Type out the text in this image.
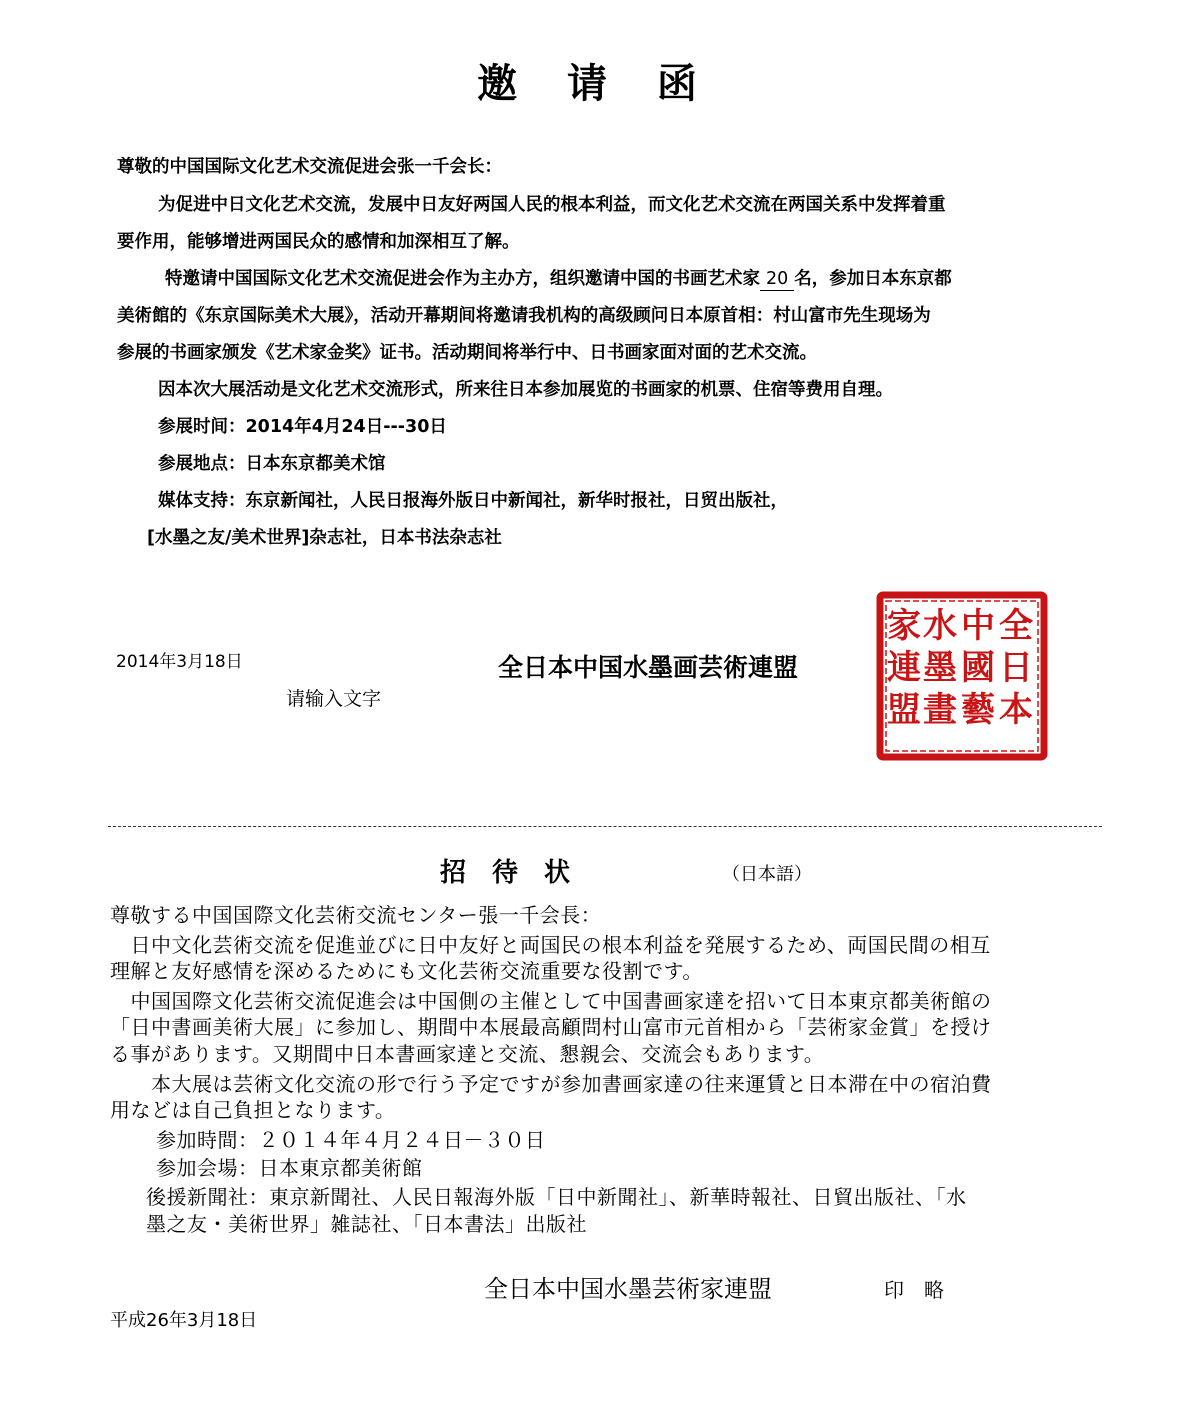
邀 请 函
尊敬的中国国际文化艺术交流促进会张一千会长：
为促进中日文化艺术交流，发展中日友好两国人民的根本利益，而文化艺术交流在两国关系中发挥着重
要作用，能够增进两国民众的感情和加深相互了解。
特邀请中国国际文化艺术交流促进会作为主办方，组织邀请中国的书画艺术家 20 名，参加日本东京都
美術館的《东京国际美术大展》，活动开幕期间将邀请我机构的高级顾问日本原首相：村山富市先生现场为
参展的书画家颁发《艺术家金奖》证书。活动期间将举行中、日书画家面对面的艺术交流。
因本次大展活动是文化艺术交流形式，所来往日本参加展览的书画家的机票、住宿等费用自理。
参展时间：2014年4月24日---30日
参展地点：日本东京都美术馆
媒体支持：东京新闻社，人民日报海外版日中新闻社，新华时报社，日贸出版社，
[水墨之友/美术世界]杂志社，日本书法杂志社
2014年3月18日
请输入文字
全日本中国水墨画芸術連盟
全
日
本
中
國
藝
水
墨
畫
家
連
盟
招　待　状	（日本語）
尊敬する中国国際文化芸術交流センター張一千会長：
　日中文化芸術交流を促進並びに日中友好と両国民の根本利益を発展するため、両国民間の相互
理解と友好感情を深めるためにも文化芸術交流重要な役割です。
　中国国際文化芸術交流促進会は中国側の主催として中国書画家達を招いて日本東京都美術館の
「日中書画美術大展」に参加し、期間中本展最高顧問村山富市元首相から「芸術家金賞」を授け
る事があります。又期間中日本書画家達と交流、懇親会、交流会もあります。
　　本大展は芸術文化交流の形で行う予定ですが参加書画家達の往来運賃と日本滞在中の宿泊費
用などは自己負担となります。
参加時間：２０１４年４月２４日－３０日
参加会場：日本東京都美術館
後援新聞社：東京新聞社、人民日報海外版「日中新聞社」、新華時報社、日貿出版社、「水
墨之友・美術世界」雑誌社、「日本書法」出版社
全日本中国水墨芸術家連盟	印　略
平成26年3月18日
